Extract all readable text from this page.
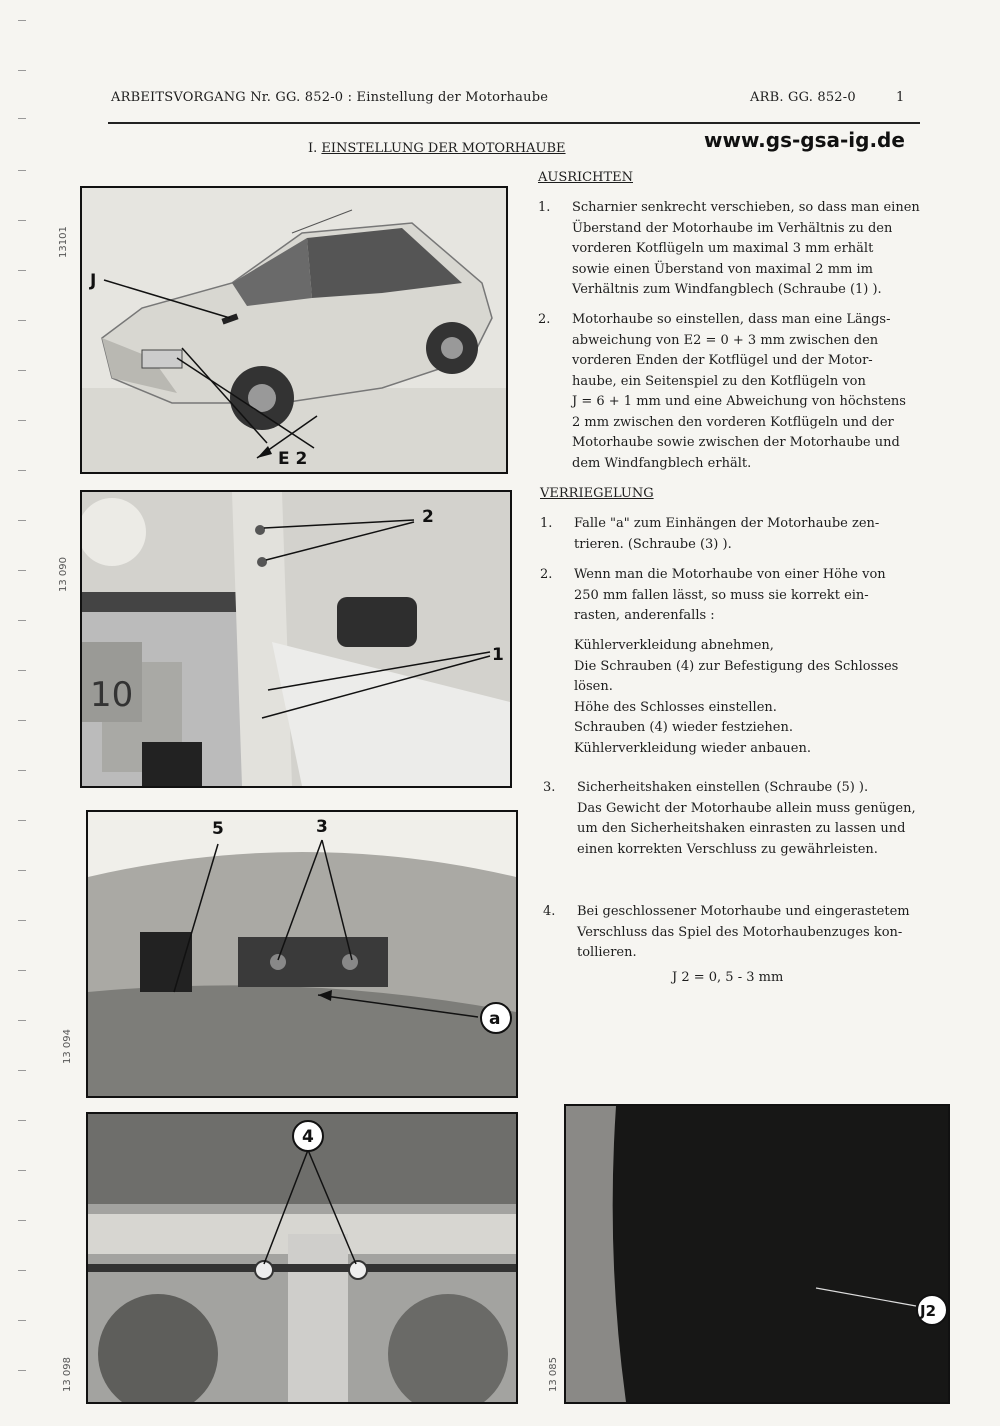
ARBEITSVORGANG Nr. GG. 852-0 : Einstellung der Motorhaube	ARB. GG. 852-0	1
www.gs-gsa-ig.de
I. EINSTELLUNG DER MOTORHAUBE
AUSRICHTEN
1. Scharnier senkrecht verschieben, so dass man einen
Überstand der Motorhaube im Verhältnis zu den
vorderen Kotflügeln um maximal 3 mm erhält
sowie einen Überstand von maximal 2 mm im
Verhältnis zum Windfangblech (Schraube (1) ).
2. Motorhaube so einstellen, dass man eine Längs-
abweichung von E2 = 0 + 3 mm zwischen den
vorderen Enden der Kotflügel und der Motor-
haube, ein Seitenspiel zu den Kotflügeln von
J = 6 + 1 mm und eine Abweichung von höchstens
2 mm zwischen den vorderen Kotflügeln und der
Motorhaube sowie zwischen der Motorhaube und
dem Windfangblech erhält.
VERRIEGELUNG
1. Falle "a" zum Einhängen der Motorhaube zen-
trieren. (Schraube (3) ).
2. Wenn man die Motorhaube von einer Höhe von
250 mm fallen lässt, so muss sie korrekt ein-
rasten, anderenfalls :
Kühlerverkleidung abnehmen,
Die Schrauben (4) zur Befestigung des Schlosses
lösen.
Höhe des Schlosses einstellen.
Schrauben (4) wieder festziehen.
Kühlerverkleidung wieder anbauen.
3. Sicherheitshaken einstellen (Schraube (5) ).
Das Gewicht der Motorhaube allein muss genügen,
um den Sicherheitshaken einrasten zu lassen und
einen korrekten Verschluss zu gewährleisten.
4. Bei geschlossener Motorhaube und eingerastetem
Verschluss das Spiel des Motorhaubenzuges kon-
tollieren.
J 2 = 0, 5 - 3 mm
13101
13 090
13 094
13 098	13 085
J
E 2
10
2
1
5	3
a
4
J2
